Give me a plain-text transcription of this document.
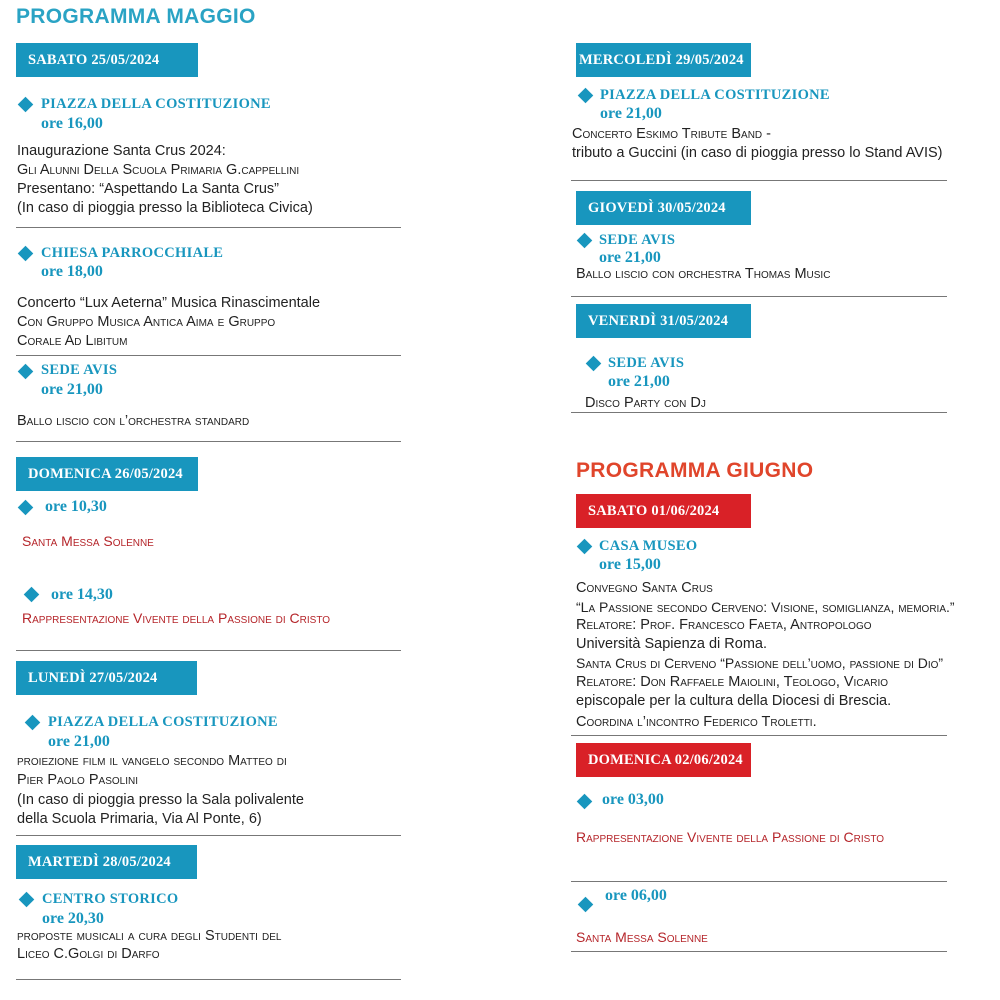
PROGRAMMA MAGGIO
SABATO 25/05/2024
PIAZZA DELLA COSTITUZIONE
ore 16,00
Inaugurazione Santa Crus 2024:
Gli Alunni Della Scuola Primaria G.cappellini
Presentano: “Aspettando La Santa Crus”
(In caso di pioggia presso la Biblioteca Civica)
CHIESA PARROCCHIALE
ore 18,00
Concerto “Lux Aeterna” Musica Rinascimentale
Con Gruppo Musica Antica Aima e Gruppo
Corale Ad Libitum
SEDE AVIS
ore 21,00
Ballo liscio con l’orchestra standard
DOMENICA 26/05/2024
ore 10,30
Santa Messa Solenne
ore 14,30
Rappresentazione Vivente della Passione di Cristo
LUNEDÌ 27/05/2024
PIAZZA DELLA COSTITUZIONE
ore 21,00
proiezione film il vangelo secondo Matteo di
Pier Paolo Pasolini
(In caso di pioggia presso la Sala polivalente
della Scuola Primaria, Via Al Ponte, 6)
MARTEDÌ 28/05/2024
CENTRO STORICO
ore 20,30
proposte musicali a cura degli Studenti del
Liceo C.Golgi di Darfo
MERCOLEDÌ 29/05/2024
PIAZZA DELLA COSTITUZIONE
ore 21,00
Concerto Eskimo Tribute Band -
tributo a Guccini (in caso di pioggia presso lo Stand AVIS)
GIOVEDÌ 30/05/2024
SEDE AVIS
ore 21,00
Ballo liscio con orchestra Thomas Music
VENERDÌ 31/05/2024
SEDE AVIS
ore 21,00
Disco Party con Dj
PROGRAMMA GIUGNO
SABATO 01/06/2024
CASA MUSEO
ore 15,00
Convegno Santa Crus
“La Passione secondo Cerveno: Visione, somiglianza, memoria.”
Relatore: Prof. Francesco Faeta, Antropologo
Università Sapienza di Roma.
Santa Crus di Cerveno “Passione dell’uomo, passione di Dio”
Relatore: Don Raffaele Maiolini, Teologo, Vicario
episcopale per la cultura della Diocesi di Brescia.
Coordina l’incontro Federico Troletti.
DOMENICA 02/06/2024
ore 03,00
Rappresentazione Vivente della Passione di Cristo
ore 06,00
Santa Messa Solenne
